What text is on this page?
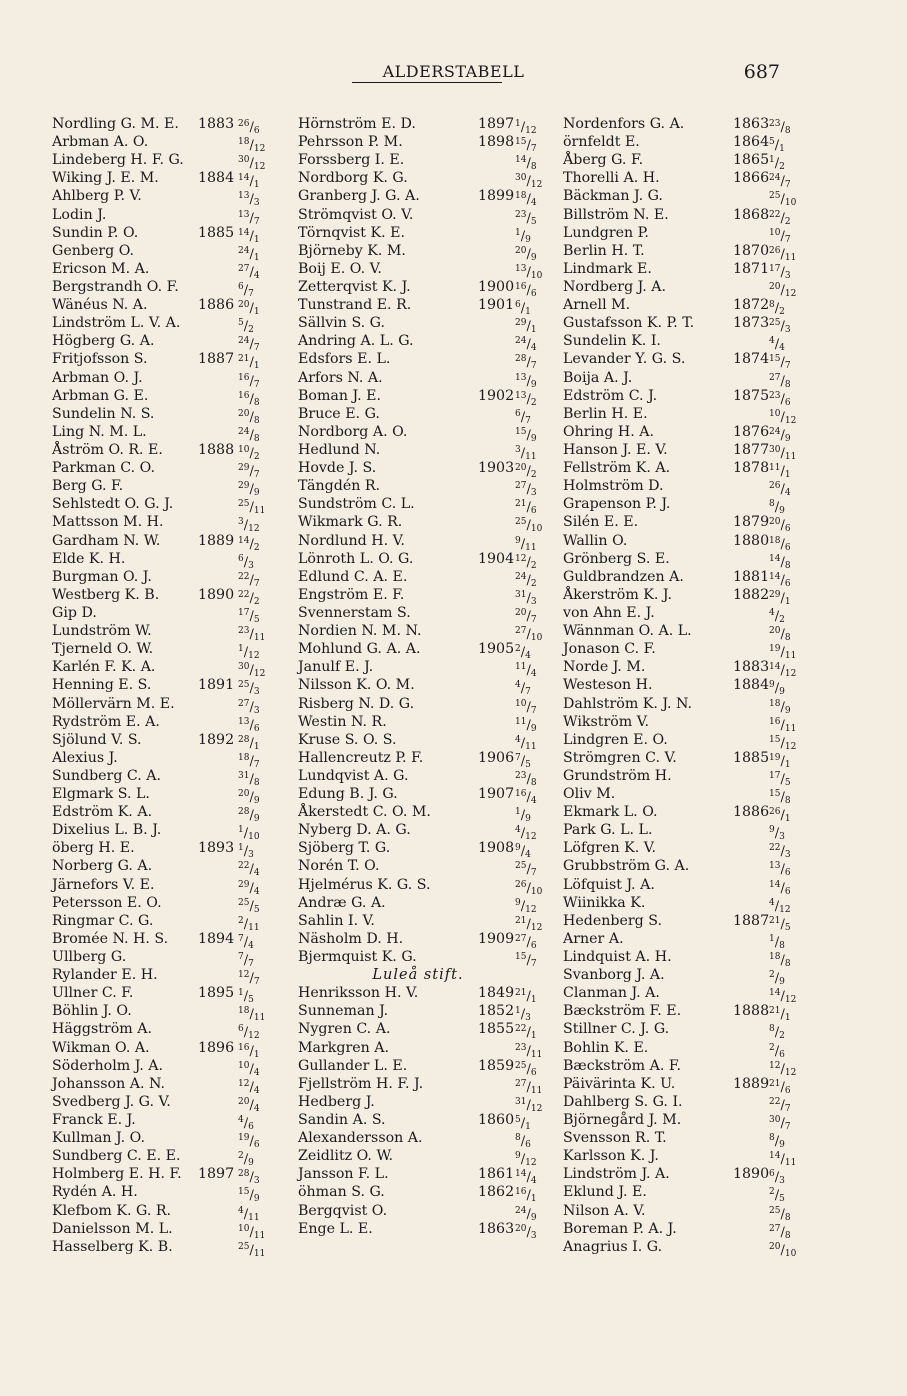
ALDERSTABELL	687
Nordling G. M. E. 1883 $^{26}/_6$
Arbman A. O.	$^{18}/_{12}$
Lindeberg H. F. G.	$^{30}/_{12}$
Wiking J. E. M.	1884 $^{14}/_1$
Ahlberg P. V.	$^{13}/_3$
Lodin J.	$^{13}/_7$
Sundin P. O.	1885 $^{14}/_1$
Genberg O.	$^{24}/_1$
Ericson M. A.	$^{27}/_4$
Bergstrandh O. F.	$^6/_7$
Wänéus N. A.	1886 $^{20}/_1$
Lindström L. V. A.	$^5/_2$
Högberg G. A.	$^{24}/_7$
Fritjofsson S.	1887 $^{21}/_1$
Arbman O. J.	$^{16}/_7$
Arbman G. E.	$^{16}/_8$
Sundelin N. S.	$^{20}/_8$
Ling N. M. L.	$^{24}/_8$
Åström O. R. E. 1888 $^{10}/_2$
Parkman C. O.	$^{29}/_7$
Berg G. F.	$^{29}/_9$
Sehlstedt O. G. J.	$^{25}/_{11}$
Mattsson M. H.	$^3/_{12}$
Gardham N. W.	1889 $^{14}/_2$
Elde K. H.	$^6/_3$
Burgman O. J.	$^{22}/_7$
Westberg K. B.	1890 $^{22}/_2$
Gip D.	$^{17}/_5$
Lundström W.	$^{23}/_{11}$
Tjerneld O. W.	$^1/_{12}$
Karlén F. K. A.	$^{30}/_{12}$
Henning E. S.	1891 $^{25}/_3$
Möllervärn M. E.	$^{27}/_3$
Rydström E. A.	$^{13}/_6$
Sjölund V. S.	1892 $^{28}/_1$
Alexius J.	$^{18}/_7$
Sundberg C. A.	$^{31}/_8$
Elgmark S. L.	$^{20}/_9$
Edström K. A.	$^{28}/_9$
Dixelius L. B. J.	$^1/_{10}$
öberg H. E.	1893 $^1/_3$
Norberg G. A.	$^{22}/_4$
Järnefors V. E.	$^{29}/_4$
Petersson E. O.	$^{25}/_5$
Ringmar C. G.	$^2/_{11}$
Bromée N. H. S. 1894 $^7/_4$
Ullberg G.	$^7/_7$
Rylander E. H.	$^{12}/_7$
Ullner C. F.	1895 $^1/_5$
Böhlin J. O.	$^{18}/_{11}$
Häggström A.	$^6/_{12}$
Wikman O. A.	1896 $^{16}/_1$
Söderholm J. A.	$^{10}/_4$
Johansson A. N.	$^{12}/_4$
Svedberg J. G. V.	$^{20}/_4$
Franck E. J.	$^4/_6$
Kullman J. O.	$^{19}/_6$
Sundberg C. E. E.	$^2/_9$
Holmberg E. H. F. 1897 $^{28}/_3$
Rydén A. H.	$^{15}/_9$
Klefbom K. G. R.	$^4/_{11}$
Danielsson M. L.	$^{10}/_{11}$
Hasselberg K. B.	$^{25}/_{11}$
Hörnström E. D.	1897 $^1/_{12}$
Pehrsson P. M.	1898 $^{15}/_7$
Forssberg I. E.	$^{14}/_8$
Nordborg K. G.	$^{30}/_{12}$
Granberg J. G. A.	1899 $^{18}/_4$
Strömqvist O. V.	$^{23}/_5$
Törnqvist K. E.	$^1/_9$
Björneby K. M.	$^{20}/_9$
Boij E. O. V.	$^{13}/_{10}$
Zetterqvist K. J.	1900 $^{16}/_6$
Tunstrand E. R.	1901 $^6/_1$
Sällvin S. G.	$^{29}/_1$
Andring A. L. G.	$^{24}/_4$
Edsfors E. L.	$^{28}/_7$
Arfors N. A.	$^{13}/_9$
Boman J. E.	1902 $^{13}/_2$
Bruce E. G.	$^6/_7$
Nordborg A. O.	$^{15}/_9$
Hedlund N.	$^3/_{11}$
Hovde J. S.	1903 $^{20}/_2$
Tängdén R.	$^{27}/_3$
Sundström C. L.	$^{21}/_6$
Wikmark G. R.	$^{25}/_{10}$
Nordlund H. V.	$^9/_{11}$
Lönroth L. O. G.	1904 $^{12}/_2$
Edlund C. A. E.	$^{24}/_2$
Engström E. F.	$^{31}/_3$
Svennerstam S.	$^{20}/_7$
Nordien N. M. N.	$^{27}/_{10}$
Mohlund G. A. A.	1905 $^2/_4$
Janulf E. J.	$^{11}/_4$
Nilsson K. O. M.	$^4/_7$
Risberg N. D. G.	$^{10}/_7$
Westin N. R.	$^{11}/_9$
Kruse S. O. S.	$^4/_{11}$
Hallencreutz P. F.	1906 $^7/_5$
Lundqvist A. G.	$^{23}/_8$
Edung B. J. G.	1907 $^{16}/_4$
Åkerstedt C. O. M.	$^1/_9$
Nyberg D. A. G.	$^4/_{12}$
Sjöberg T. G.	1908 $^9/_4$
Norén T. O.	$^{25}/_7$
Hjelmérus K. G. S.	$^{26}/_{10}$
Andræ G. A.	$^9/_{12}$
Sahlin I. V.	$^{21}/_{12}$
Näsholm D. H.	1909 $^{27}/_6$
Bjermquist K. G.	$^{15}/_7$
Luleå stift.
Henriksson H. V.	1849 $^{21}/_1$
Sunneman J.	1852 $^1/_3$
Nygren C. A.	1855 $^{22}/_1$
Markgren A.	$^{23}/_{11}$
Gullander L. E.	1859 $^{25}/_6$
Fjellström H. F. J.	$^{27}/_{11}$
Hedberg J.	$^{31}/_{12}$
Sandin A. S.	1860 $^5/_1$
Alexandersson A.	$^8/_6$
Zeidlitz O. W.	$^9/_{12}$
Jansson F. L.	1861 $^{14}/_4$
öhman S. G.	1862 $^{16}/_1$
Bergqvist O.	$^{24}/_9$
Enge L. E.	1863 $^{20}/_3$
Nordenfors G. A.	1863 $^{23}/_8$
örnfeldt E.	1864 $^5/_1$
Åberg G. F.	1865 $^1/_2$
Thorelli A. H.	1866 $^{24}/_7$
Bäckman J. G.	$^{25}/_{10}$
Billström N. E.	1868 $^{22}/_2$
Lundgren P.	$^{10}/_7$
Berlin H. T.	1870 $^{26}/_{11}$
Lindmark E.	1871 $^{17}/_3$
Nordberg J. A.	$^{20}/_{12}$
Arnell M.	1872 $^8/_2$
Gustafsson K. P. T.	1873 $^{25}/_3$
Sundelin K. I.	$^4/_4$
Levander Y. G. S.	1874 $^{15}/_7$
Boija A. J.	$^{27}/_8$
Edström C. J.	1875 $^{23}/_6$
Berlin H. E.	$^{10}/_{12}$
Ohring H. A.	1876 $^{24}/_9$
Hanson J. E. V.	1877 $^{30}/_{11}$
Fellström K. A.	1878 $^{11}/_1$
Holmström D.	$^{26}/_4$
Grapenson P. J.	$^8/_9$
Silén E. E.	1879 $^{20}/_6$
Wallin O.	1880 $^{18}/_6$
Grönberg S. E.	$^{14}/_8$
Guldbrandzen A.	1881 $^{14}/_6$
Åkerström K. J.	1882 $^{29}/_1$
von Ahn E. J.	$^4/_2$
Wännman O. A. L.	$^{20}/_8$
Jonason C. F.	$^{19}/_{11}$
Norde J. M.	1883 $^{14}/_{12}$
Westeson H.	1884 $^9/_9$
Dahlström K. J. N.	$^{18}/_9$
Wikström V.	$^{16}/_{11}$
Lindgren E. O.	$^{15}/_{12}$
Strömgren C. V.	1885 $^{19}/_1$
Grundström H.	$^{17}/_5$
Oliv M.	$^{15}/_8$
Ekmark L. O.	1886 $^{26}/_1$
Park G. L. L.	$^9/_3$
Löfgren K. V.	$^{22}/_3$
Grubbström G. A.	$^{13}/_6$
Löfquist J. A.	$^{14}/_6$
Wiinikka K.	$^4/_{12}$
Hedenberg S.	1887 $^{21}/_5$
Arner A.	$^1/_8$
Lindquist A. H.	$^{18}/_8$
Svanborg J. A.	$^2/_9$
Clanman J. A.	$^{14}/_{12}$
Bæckström F. E.	1888 $^{21}/_1$
Stillner C. J. G.	$^8/_2$
Bohlin K. E.	$^2/_6$
Bæckström A. F.	$^{12}/_{12}$
Päivärinta K. U.	1889 $^{21}/_6$
Dahlberg S. G. I.	$^{22}/_7$
Björnegård J. M.	$^{30}/_7$
Svensson R. T.	$^8/_9$
Karlsson K. J.	$^{14}/_{11}$
Lindström J. A.	1890 $^6/_3$
Eklund J. E.	$^2/_5$
Nilson A. V.	$^{25}/_8$
Boreman P. A. J.	$^{27}/_8$
Anagrius I. G.	$^{20}/_{10}$
